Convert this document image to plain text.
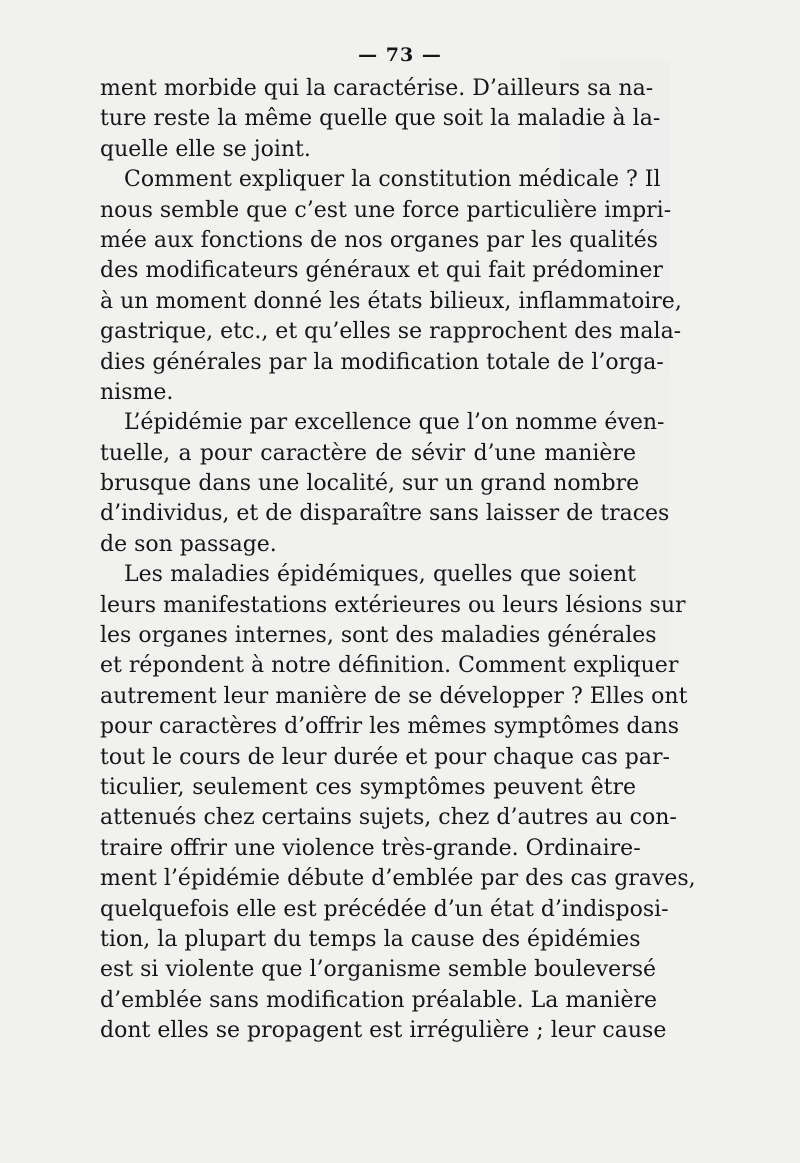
— 73 —
ment morbide qui la caractérise. D’ailleurs sa na-
ture reste la même quelle que soit la maladie à la-
quelle elle se joint.
Comment expliquer la constitution médicale ? Il
nous semble que c’est une force particulière impri-
mée aux fonctions de nos organes par les qualités
des modificateurs généraux et qui fait prédominer
à un moment donné les états bilieux, inflammatoire,
gastrique, etc., et qu’elles se rapprochent des mala-
dies générales par la modification totale de l’orga-
nisme.
L’épidémie par excellence que l’on nomme éven-
tuelle, a pour caractère de sévir d’une manière
brusque dans une localité, sur un grand nombre
d’individus, et de disparaître sans laisser de traces
de son passage.
Les maladies épidémiques, quelles que soient
leurs manifestations extérieures ou leurs lésions sur
les organes internes, sont des maladies générales
et répondent à notre définition. Comment expliquer
autrement leur manière de se développer ? Elles ont
pour caractères d’offrir les mêmes symptômes dans
tout le cours de leur durée et pour chaque cas par-
ticulier, seulement ces symptômes peuvent être
attenués chez certains sujets, chez d’autres au con-
traire offrir une violence très-grande. Ordinaire-
ment l’épidémie débute d’emblée par des cas graves,
quelquefois elle est précédée d’un état d’indisposi-
tion, la plupart du temps la cause des épidémies
est si violente que l’organisme semble bouleversé
d’emblée sans modification préalable. La manière
dont elles se propagent est irrégulière ; leur cause
